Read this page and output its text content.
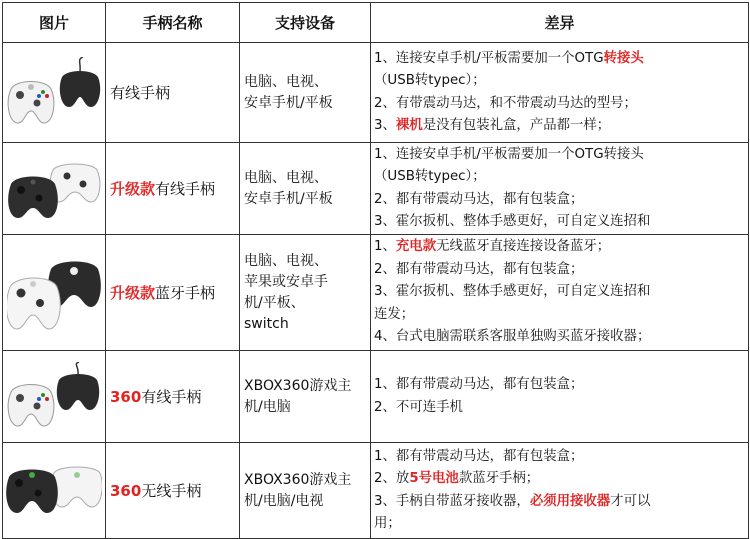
图片	手柄名称	支持设备	差异

	有线手柄	电脑、电视、
安卓手机/平板	1、连接安卓手机/平板需要加一个OTG转接头
（USB转typec）；
2、有带震动马达，和不带震动马达的型号；
3、裸机是没有包装礼盒，产品都一样；

	升级款有线手柄	电脑、电视、
安卓手机/平板	1、连接安卓手机/平板需要加一个OTG转接头
（USB转typec）；
2、都有带震动马达，都有包装盒；
3、霍尔扳机、整体手感更好，可自定义连招和

	升级款蓝牙手柄	电脑、电视、
苹果或安卓手
机/平板、
switch	1、充电款无线蓝牙直接连接设备蓝牙；
2、都有带震动马达，都有包装盒；
3、霍尔扳机、整体手感更好，可自定义连招和
连发；
4、台式电脑需联系客服单独购买蓝牙接收器；

	360有线手柄	XBOX360游戏主
机/电脑	1、都有带震动马达，都有包装盒；
2、不可连手机

	360无线手柄	XBOX360游戏主
机/电脑/电视	1、都有带震动马达，都有包装盒；
2、放5号电池款蓝牙手柄；
3、手柄自带蓝牙接收器，必须用接收器才可以
用；
